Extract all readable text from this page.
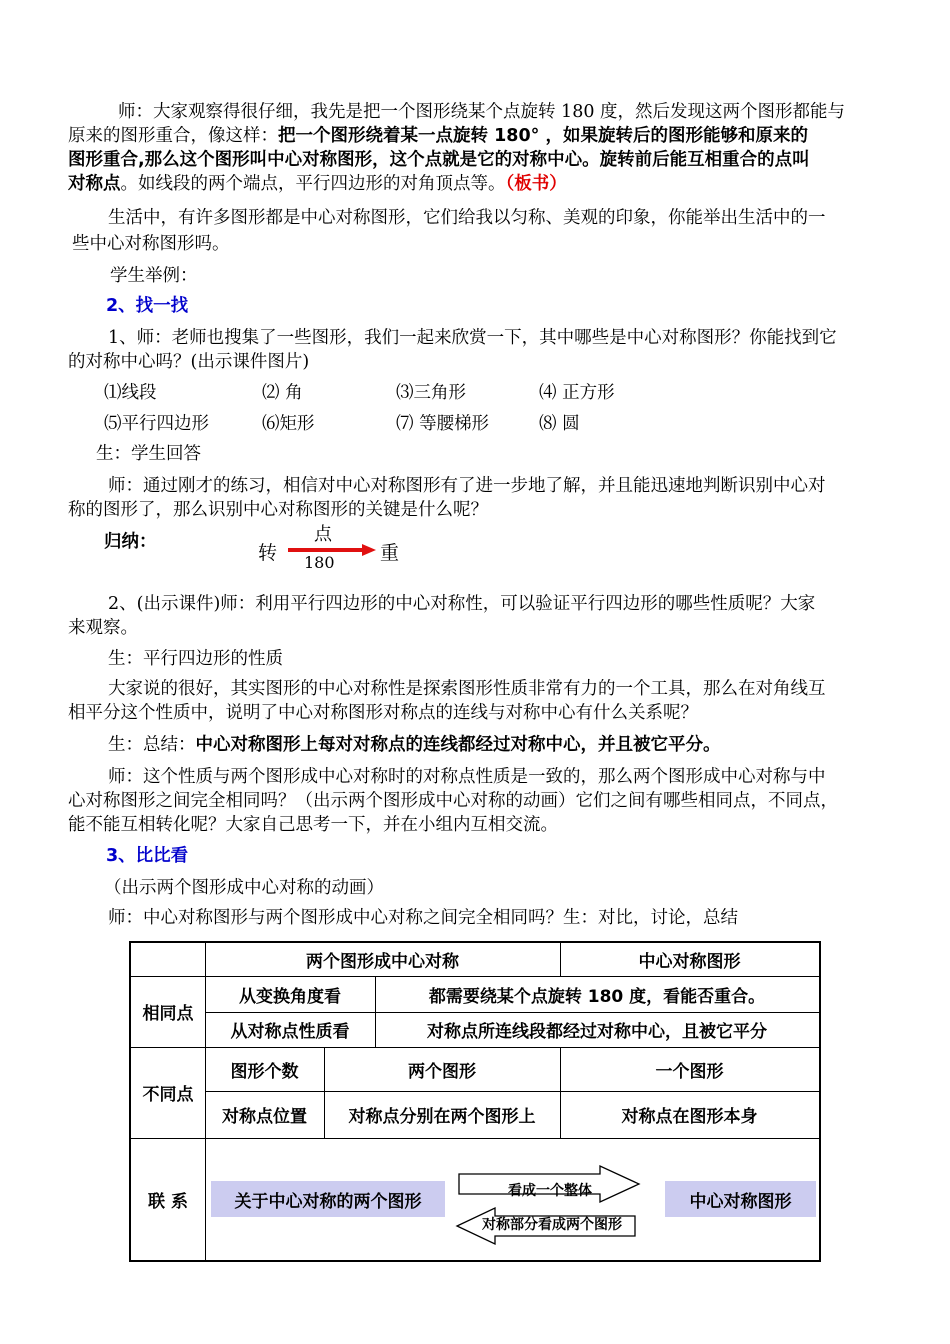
师：大家观察得很仔细，我先是把一个图形绕某个点旋转 180 度，然后发现这两个图形都能与
原来的图形重合，像这样：把一个图形绕着某一点旋转 180° ，如果旋转后的图形能够和原来的
图形重合,那么这个图形叫中心对称图形，这个点就是它的对称中心。旋转前后能互相重合的点叫
对称点。如线段的两个端点，平行四边形的对角顶点等。（板书）
生活中，有许多图形都是中心对称图形，它们给我以匀称、美观的印象，你能举出生活中的一
些中心对称图形吗。
学生举例：
2、找一找
1、师：老师也搜集了一些图形，我们一起来欣赏一下，其中哪些是中心对称图形？你能找到它
的对称中心吗？(出示课件图片)
⑴线段	⑵ 角	⑶三角形	⑷ 正方形
⑸平行四边形	⑹矩形	⑺ 等腰梯形	⑻ 圆
生：学生回答
师：通过刚才的练习，相信对中心对称图形有了进一步地了解，并且能迅速地判断识别中心对
称的图形了，那么识别中心对称图形的关键是什么呢？
归纳：	转
点
180 重
2、(出示课件)师：利用平行四边形的中心对称性，可以验证平行四边形的哪些性质呢？大家
来观察。
生：平行四边形的性质
大家说的很好，其实图形的中心对称性是探索图形性质非常有力的一个工具，那么在对角线互
相平分这个性质中，说明了中心对称图形对称点的连线与对称中心有什么关系呢？
生：总结：中心对称图形上每对对称点的连线都经过对称中心，并且被它平分。
师：这个性质与两个图形成中心对称时的对称点性质是一致的，那么两个图形成中心对称与中
心对称图形之间完全相同吗？（出示两个图形成中心对称的动画）它们之间有哪些相同点，不同点，
能不能互相转化呢？大家自己思考一下，并在小组内互相交流。
3、比比看
（出示两个图形成中心对称的动画）
师：中心对称图形与两个图形成中心对称之间完全相同吗？生：对比，讨论，总结
两个图形成中心对称	中心对称图形
相同点
从变换角度看	都需要绕某个点旋转 180 度，看能否重合。
从对称点性质看	对称点所连线段都经过对称中心，且被它平分
不同点
图形个数	两个图形	一个图形
对称点位置	对称点分别在两个图形上	对称点在图形本身
联 系	关于中心对称的两个图形	中心对称图形
看成一个整体
对称部分看成两个图形
